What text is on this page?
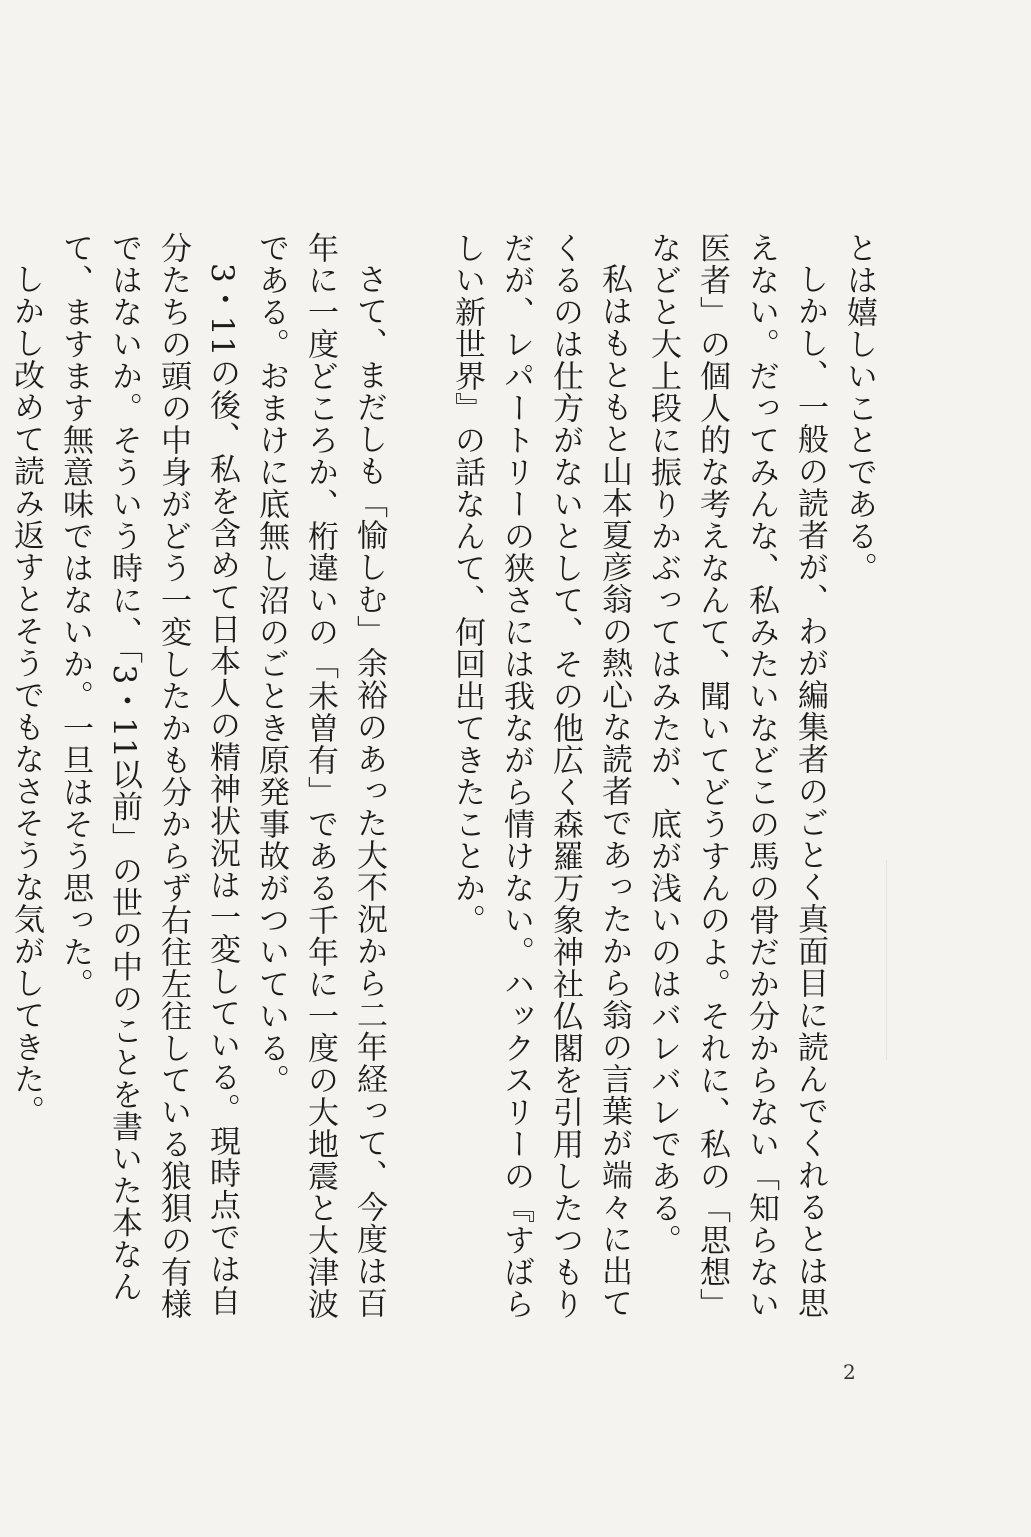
とは嬉しいことである。

しかし、一般の読者が、わが編集者のごとく真面目に読んでくれるとは思えない。だってみんな、私みたいなどこの馬の骨だか分からない「知らない医者」の個人的な考えなんて、聞いてどうすんのよ。それに、私の「思想」などと大上段に振りかぶってはみたが、底が浅いのはバレバレである。

私はもともと山本夏彦翁の熱心な読者であったから翁の言葉が端々に出てくるのは仕方がないとして、その他広く森羅万象神社仏閣を引用したつもりだが、レパートリーの狭さには我ながら情けない。ハックスリーの『すばらしい新世界』の話なんて、何回出てきたことか。

さて、まだしも「愉しむ」余裕のあった大不況から二年経って、今度は百年に一度どころか、桁違いの「未曽有」である千年に一度の大地震と大津波である。おまけに底無し沼のごとき原発事故がついている。

3・11の後、私を含めて日本人の精神状況は一変している。現時点では自分たちの頭の中身がどう一変したかも分からず右往左往している狼狽の有様ではないか。そういう時に、「3・11以前」の世の中のことを書いた本なんて、ますます無意味ではないか。一旦はそう思った。

しかし改めて読み返すとそうでもなさそうな気がしてきた。

2
